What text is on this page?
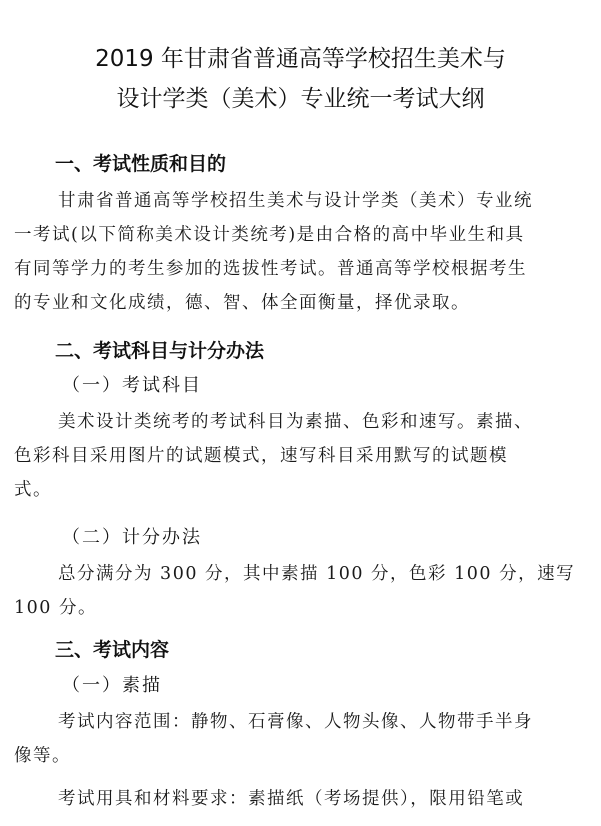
2019 年甘肃省普通高等学校招生美术与
设计学类（美术）专业统一考试大纲
一、考试性质和目的
甘肃省普通高等学校招生美术与设计学类（美术）专业统
一考试(以下简称美术设计类统考)是由合格的高中毕业生和具
有同等学力的考生参加的选拔性考试。普通高等学校根据考生
的专业和文化成绩，德、智、体全面衡量，择优录取。
二、考试科目与计分办法
（一）考试科目
美术设计类统考的考试科目为素描、色彩和速写。素描、
色彩科目采用图片的试题模式，速写科目采用默写的试题模
式。
（二）计分办法
总分满分为 300 分，其中素描 100 分，色彩 100 分，速写
100 分。
三、考试内容
（一）素描
考试内容范围：静物、石膏像、人物头像、人物带手半身
像等。
考试用具和材料要求：素描纸（考场提供），限用铅笔或
